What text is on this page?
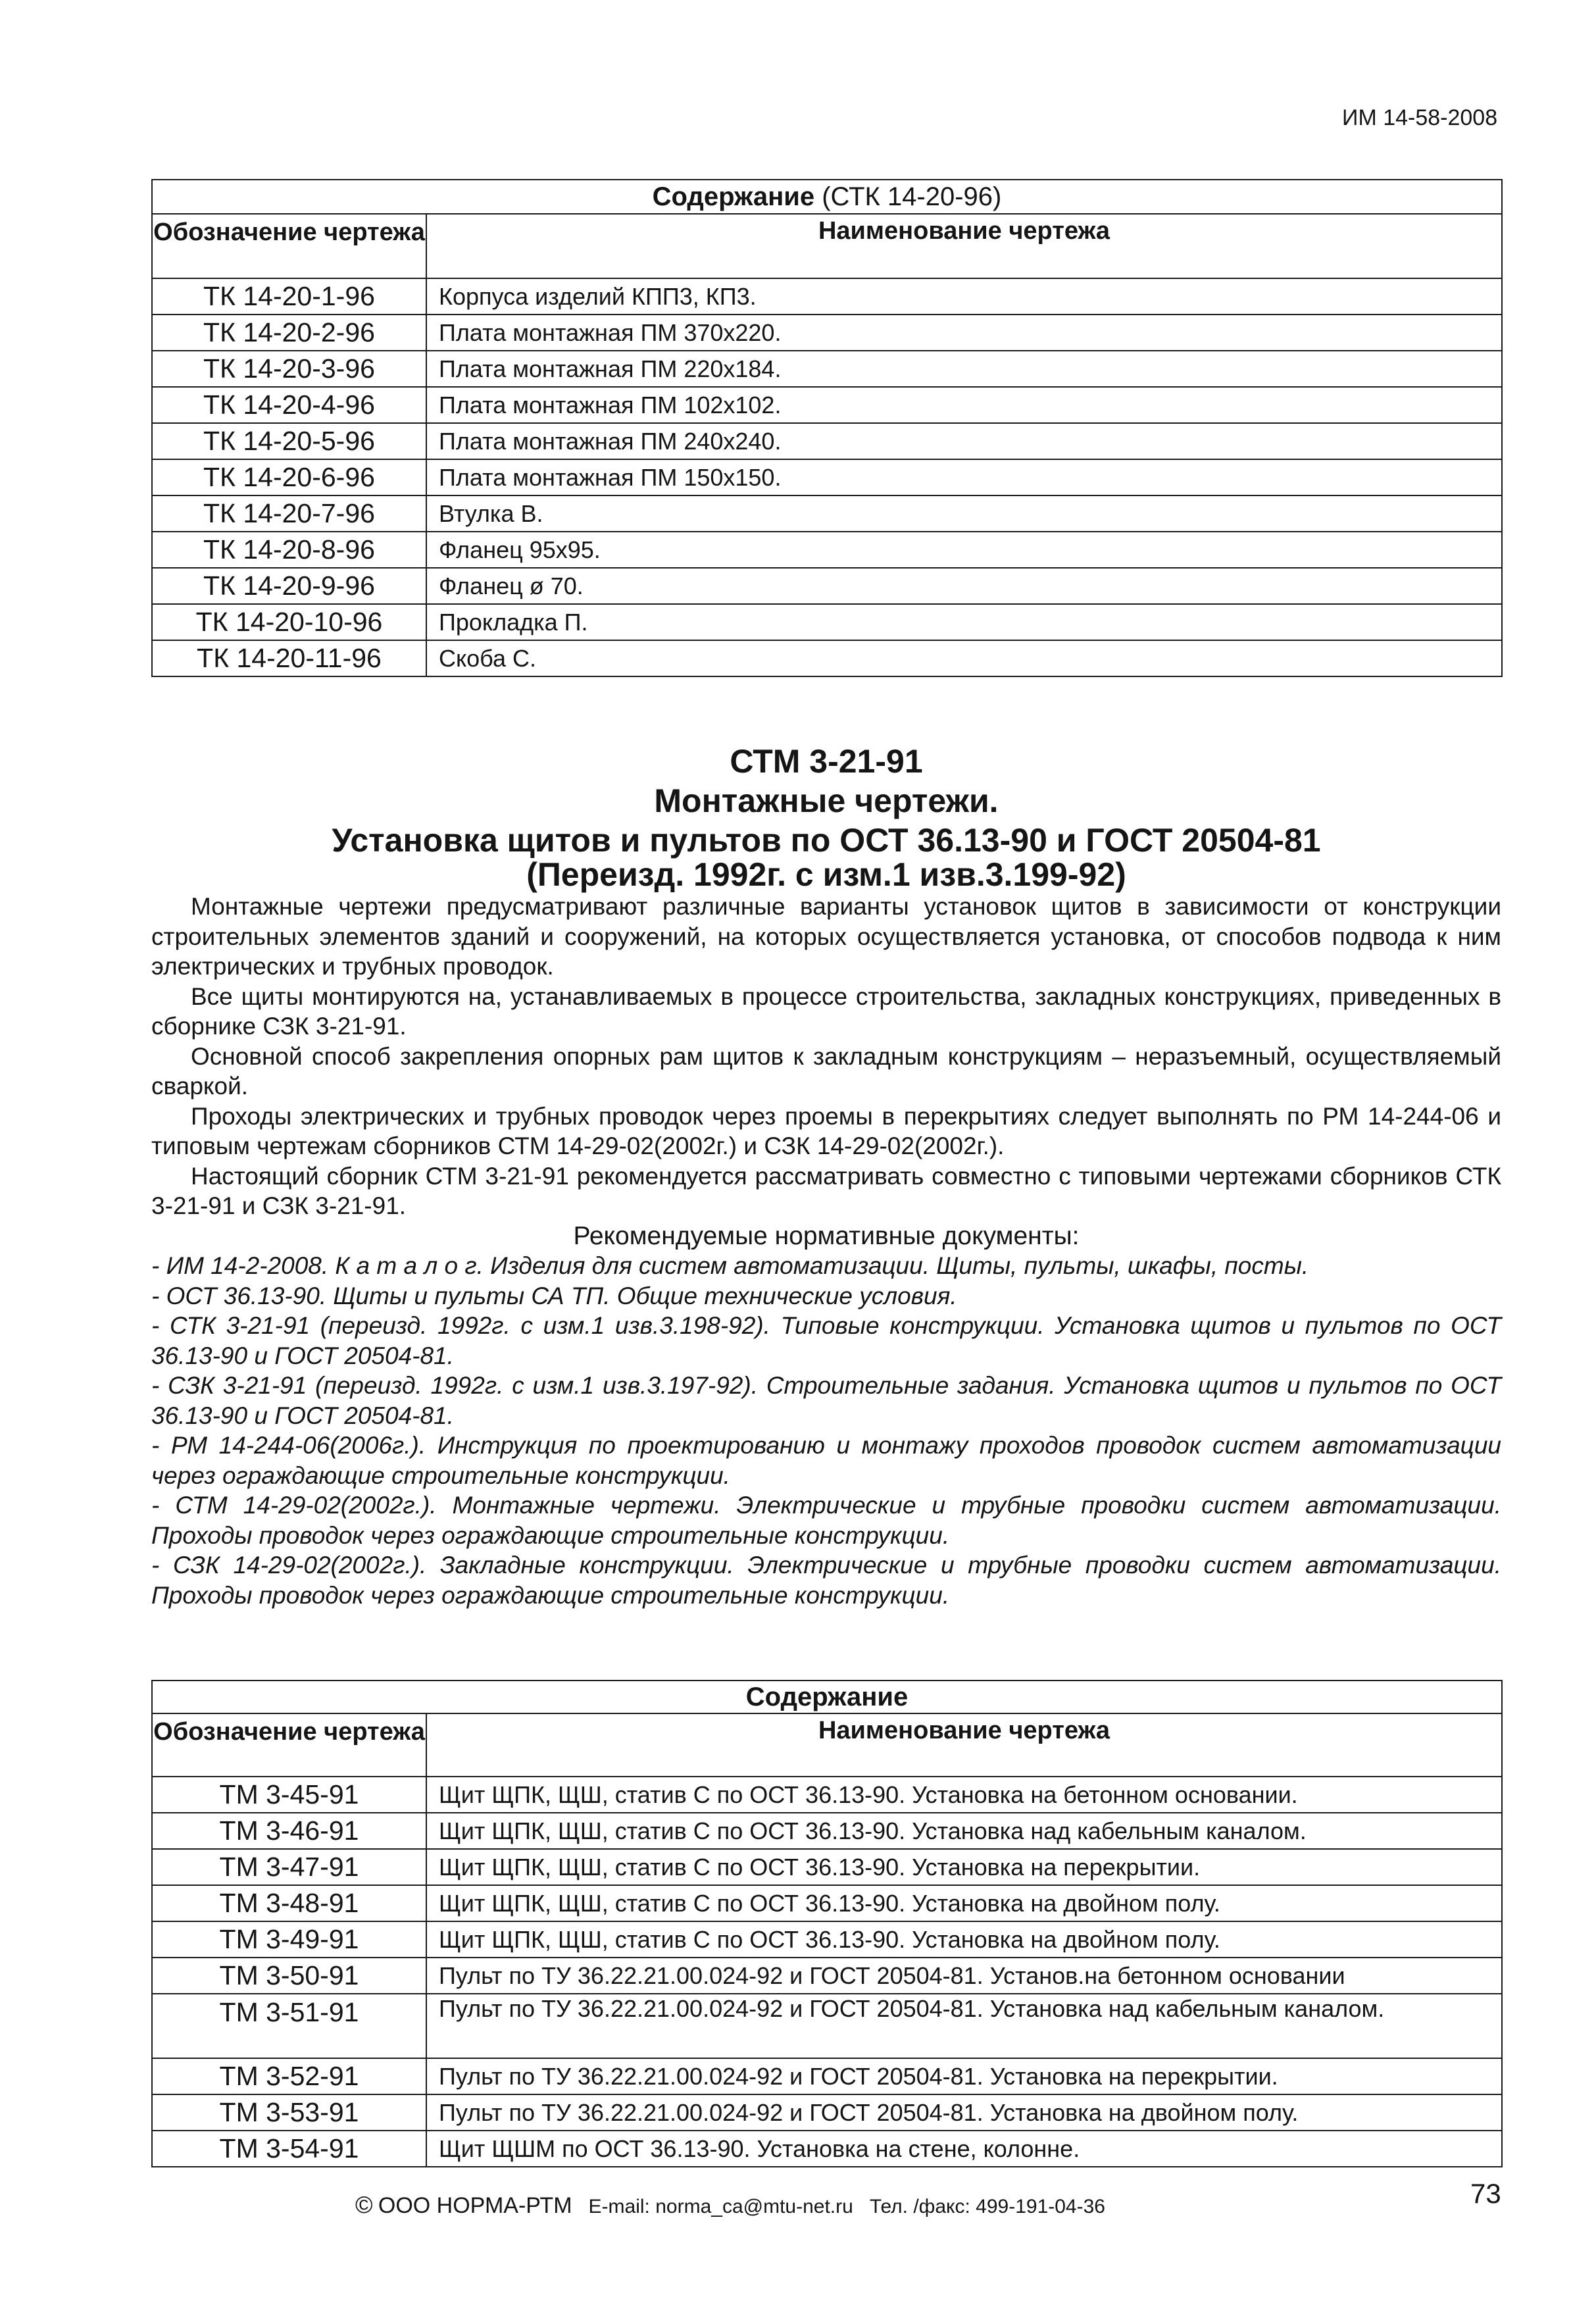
ИМ 14-58-2008
Содержание (СТК 14-20-96)	
Обозначение чертежа	Наименование чертежа
ТК 14-20-1-96	Корпуса изделий КПП3, КП3.
ТК 14-20-2-96	Плата монтажная ПМ 370х220.
ТК 14-20-3-96	Плата монтажная ПМ 220х184.
ТК 14-20-4-96	Плата монтажная ПМ 102х102.
ТК 14-20-5-96	Плата монтажная ПМ 240х240.
ТК 14-20-6-96	Плата монтажная ПМ 150х150.
ТК 14-20-7-96	Втулка В.
ТК 14-20-8-96	Фланец 95х95.
ТК 14-20-9-96	Фланец ø 70.
ТК 14-20-10-96	Прокладка П.
ТК 14-20-11-96	Скоба С.
СТМ 3-21-91
Монтажные чертежи.
Установка щитов и пультов по ОСТ 36.13-90 и ГОСТ 20504-81
(Переизд. 1992г. с изм.1 изв.3.199-92)

Монтажные чертежи предусматривают различные варианты установок щитов в зависимости от конструкции строительных элементов зданий и сооружений, на которых осуществляется установка, от способов подвода к ним электрических и трубных проводок.

Все щиты монтируются на, устанавливаемых в процессе строительства, закладных конструкциях, приведенных в сборнике СЗК 3-21-91.

Основной способ закрепления опорных рам щитов к закладным конструкциям – неразъемный, осуществляемый сваркой.

Проходы электрических и трубных проводок через проемы в перекрытиях следует выполнять по РМ 14-244-06 и типовым чертежам сборников СТМ 14-29-02(2002г.) и СЗК 14-29-02(2002г.).

Настоящий сборник СТМ 3-21-91 рекомендуется рассматривать совместно с типовыми чертежами сборников СТК 3-21-91 и СЗК 3-21-91.

Рекомендуемые нормативные документы:

- ИМ 14-2-2008. К а т а л о г. Изделия для систем автоматизации. Щиты, пульты, шкафы, посты.

- ОСТ 36.13-90. Щиты и пульты СА ТП. Общие технические условия.

- СТК 3-21-91 (переизд. 1992г. с изм.1 изв.3.198-92). Типовые конструкции. Установка щитов и пультов по ОСТ 36.13-90 и ГОСТ 20504-81.

- СЗК 3-21-91 (переизд. 1992г. с изм.1 изв.3.197-92). Строительные задания. Установка щитов и пультов по ОСТ 36.13-90 и ГОСТ 20504-81.

- РМ 14-244-06(2006г.). Инструкция по проектированию и монтажу проходов проводок систем автоматизации через ограждающие строительные конструкции.

- СТМ 14-29-02(2002г.). Монтажные чертежи. Электрические и трубные проводки систем автоматизации. Проходы проводок через ограждающие строительные конструкции.

- СЗК 14-29-02(2002г.). Закладные конструкции. Электрические и трубные проводки систем автоматизации. Проходы проводок через ограждающие строительные конструкции.

Содержание	
Обозначение чертежа	Наименование чертежа
ТМ 3-45-91	Щит ЩПК, ЩШ, статив С по ОСТ 36.13-90. Установка на бетонном основании.
ТМ 3-46-91	Щит ЩПК, ЩШ, статив С по ОСТ 36.13-90. Установка над кабельным каналом.
ТМ 3-47-91	Щит ЩПК, ЩШ, статив С по ОСТ 36.13-90. Установка на перекрытии.
ТМ 3-48-91	Щит ЩПК, ЩШ, статив С по ОСТ 36.13-90. Установка на двойном полу.
ТМ 3-49-91	Щит ЩПК, ЩШ, статив С по ОСТ 36.13-90. Установка на двойном полу.
ТМ 3-50-91	Пульт по ТУ 36.22.21.00.024-92 и ГОСТ 20504-81. Установ.на бетонном основании
ТМ 3-51-91	Пульт по ТУ 36.22.21.00.024-92 и ГОСТ 20504-81. Установка над кабельным каналом.
ТМ 3-52-91	Пульт по ТУ 36.22.21.00.024-92 и ГОСТ 20504-81. Установка на перекрытии.
ТМ 3-53-91	Пульт по ТУ 36.22.21.00.024-92 и ГОСТ 20504-81. Установка на двойном полу.
ТМ 3-54-91	Щит ЩШМ по ОСТ 36.13-90. Установка на стене, колонне.
© ООО НОРМА-РТМ E-mail: norma_ca@mtu-net.ru Тел. /факс: 499-191-04-36	73
